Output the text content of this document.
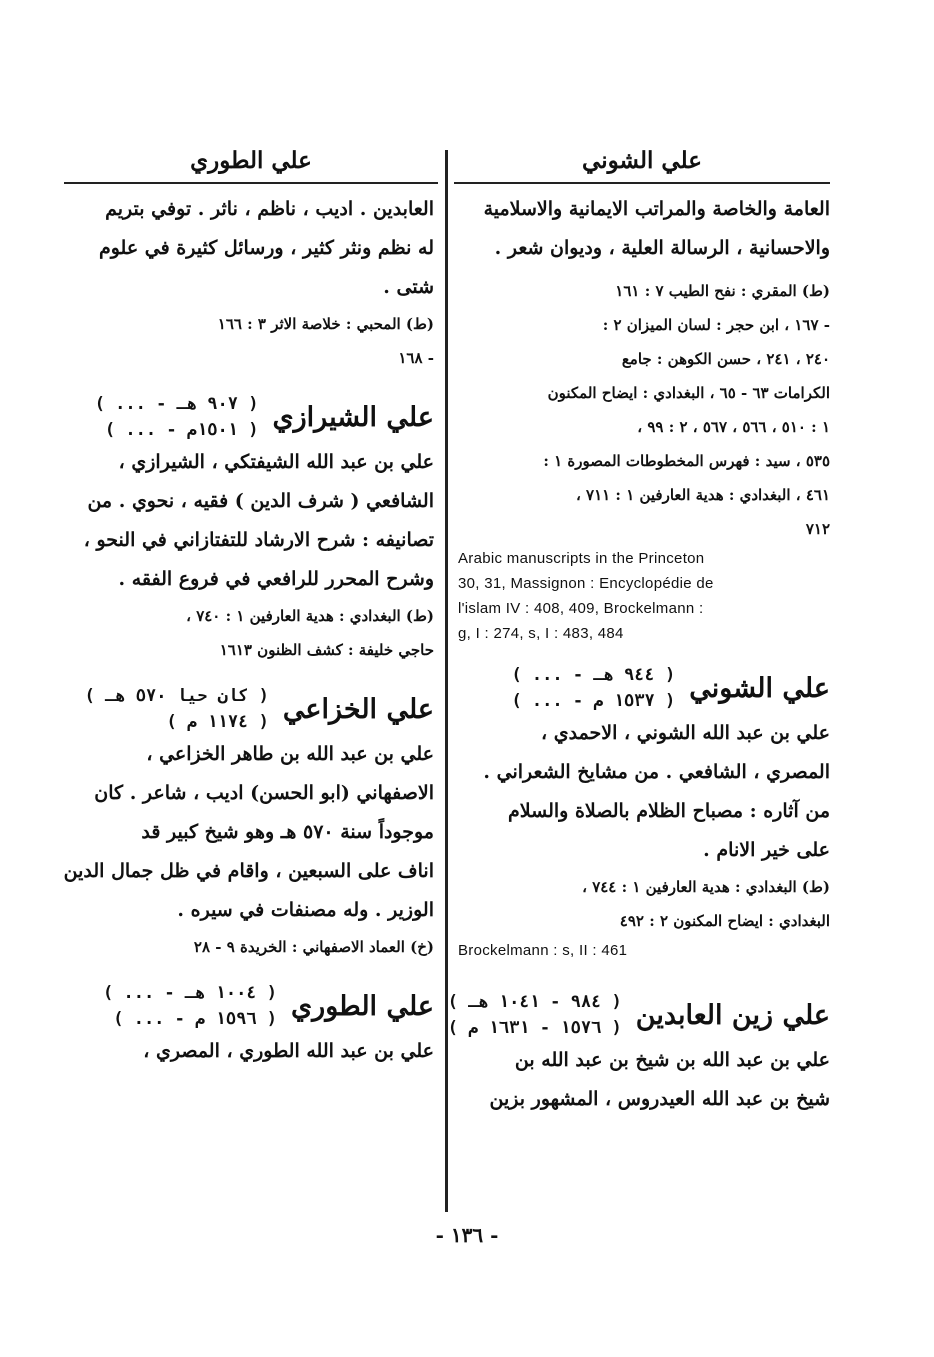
علي الشوني
العامة والخاصة والمراتب الايمانية والاسلامية
والاحسانية ، الرسالة العلية ، وديوان شعر .
(ط) المقري : نفح الطيب ٧ : ١٦١
- ١٦٧ ، ابن حجر : لسان الميزان ٢ :
٢٤٠ ، ٢٤١ ، حسن الكوهن : جامع
الكرامات ٦٣ - ٦٥ ، البغدادي : ايضاح المكنون
١ : ٥١٠ ، ٥٦٦ ، ٥٦٧ ، ٢ : ٩٩ ،
٥٣٥ ، سيد : فهرس المخطوطات المصورة ١ :
٤٦١ ، البغدادي : هدية العارفين ١ : ٧١١ ،
٧١٢
Arabic manuscripts in the Princeton
30, 31, Massignon : Encyclopédie de
l'islam IV : 408, 409, Brockelmann :
g, I : 274, s, I : 483, 484
علي الشوني
( ... - ٩٤٤ هـ )
( ... - ١٥٣٧ م )
علي بن عبد الله الشوني ، الاحمدي ،
المصري ، الشافعي . من مشايخ الشعراني .
من آثاره : مصباح الظلام بالصلاة والسلام
على خير الانام .
(ط) البغدادي : هدية العارفين ١ : ٧٤٤ ،
البغدادي : ايضاح المكنون ٢ : ٤٩٢
Brockelmann : s, II : 461
علي زين العابدين
( ٩٨٤ - ١٠٤١ هـ )
( ١٥٧٦ - ١٦٣١ م )
علي بن عبد الله بن شيخ بن عبد الله بن
شيخ بن عبد الله العيدروس ، المشهور بزين
علي الطوري
العابدين . اديب ، ناظم ، ناثر . توفي بتريم
له نظم ونثر كثير ، ورسائل كثيرة في علوم
شتى .
(ط) المحبي : خلاصة الاثر ٣ : ١٦٦
- ١٦٨
علي الشيرازي
( ... - ٩٠٧ هـ )
( ... - ١٥٠١م )
علي بن عبد الله الشيفتكي ، الشيرازي ،
الشافعي ( شرف الدين ) فقيه ، نحوي . من
تصانيفه : شرح الارشاد للتفتازاني في النحو ،
وشرح المحرر للرافعي في فروع الفقه .
(ط) البغدادي : هدية العارفين ١ : ٧٤٠ ،
حاجي خليفة : كشف الظنون ١٦١٣
علي الخزاعي
( كان حيا ٥٧٠ هـ )
( ١١٧٤ م )
علي بن عبد الله بن طاهر الخزاعي ،
الاصفهاني (ابو الحسن) اديب ، شاعر . كان
موجوداً سنة ٥٧٠ هـ وهو شيخ كبير قد
اناف على السبعين ، واقام في ظل جمال الدين
الوزير . وله مصنفات في سيره .
(خ) العماد الاصفهاني : الخريدة ٩ - ٢٨
علي الطوري
( ... - ١٠٠٤ هـ )
( ... - ١٥٩٦ م )
علي بن عبد الله الطوري ، المصري ،
- ١٣٦ -
